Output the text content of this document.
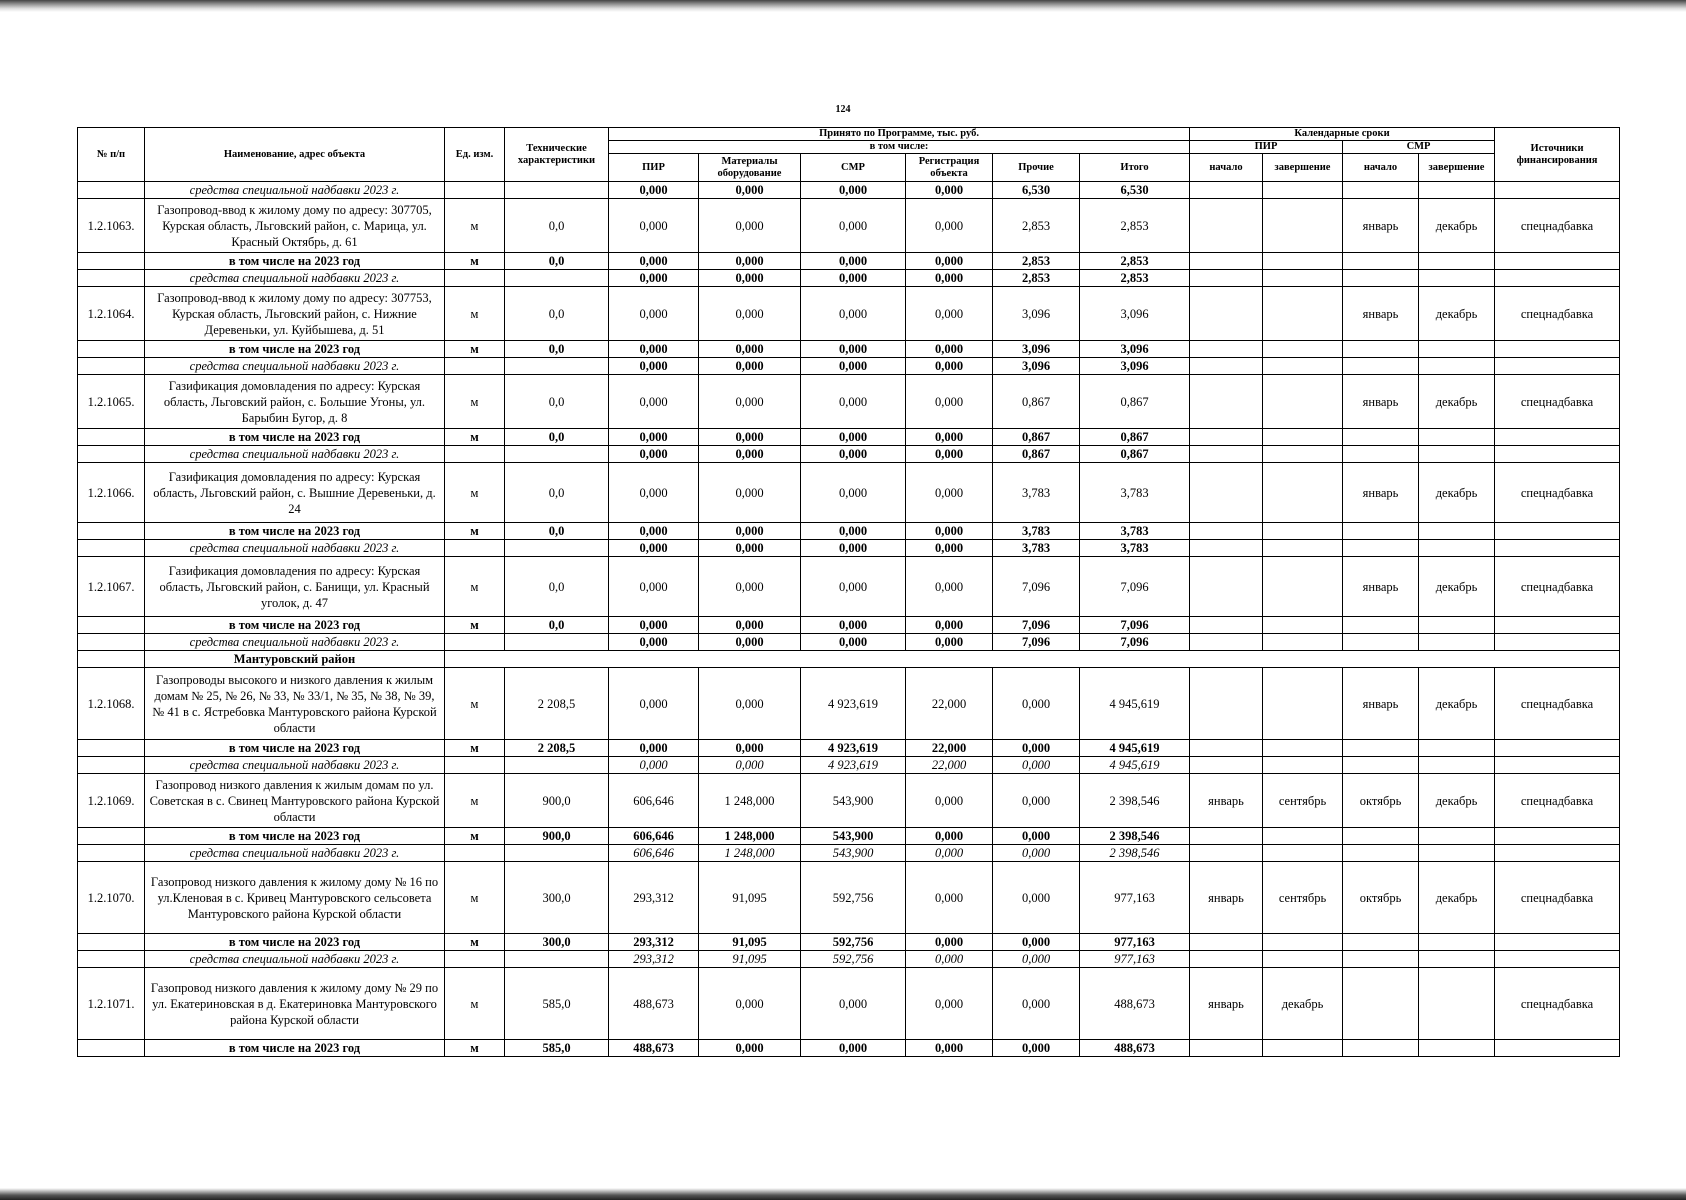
124
№ п/п	Наименование, адрес объекта	Ед. изм.	Технические характеристики	Принято по Программе, тыс. руб.						Календарные сроки				Источники финансирования
				в том числе:						ПИР		СМР		
				ПИР	Материалы оборудование	СМР	Регистрация объекта	Прочие	Итого	начало	завершение	начало	завершение	
	средства специальной надбавки 2023 г.			0,000	0,000	0,000	0,000	6,530	6,530					
1.2.1063.	Газопровод-ввод к жилому дому по адресу: 307705, Курская область, Льговский район, с. Марица, ул. Красный Октябрь, д. 61	м	0,0	0,000	0,000	0,000	0,000	2,853	2,853			январь	декабрь	спецнадбавка
	в том числе на 2023 год	м	0,0	0,000	0,000	0,000	0,000	2,853	2,853					
	средства специальной надбавки 2023 г.			0,000	0,000	0,000	0,000	2,853	2,853					
1.2.1064.	Газопровод-ввод к жилому дому по адресу: 307753, Курская область, Льговский район, с. Нижние Деревеньки, ул. Куйбышева, д. 51	м	0,0	0,000	0,000	0,000	0,000	3,096	3,096			январь	декабрь	спецнадбавка
	в том числе на 2023 год	м	0,0	0,000	0,000	0,000	0,000	3,096	3,096					
	средства специальной надбавки 2023 г.			0,000	0,000	0,000	0,000	3,096	3,096					
1.2.1065.	Газификация домовладения по адресу: Курская область, Льговский район, с. Большие Угоны, ул. Барыбин Бугор, д. 8	м	0,0	0,000	0,000	0,000	0,000	0,867	0,867			январь	декабрь	спецнадбавка
	в том числе на 2023 год	м	0,0	0,000	0,000	0,000	0,000	0,867	0,867					
	средства специальной надбавки 2023 г.			0,000	0,000	0,000	0,000	0,867	0,867					
1.2.1066.	Газификация домовладения по адресу: Курская область, Льговский район, с. Вышние Деревеньки, д. 24	м	0,0	0,000	0,000	0,000	0,000	3,783	3,783			январь	декабрь	спецнадбавка
	в том числе на 2023 год	м	0,0	0,000	0,000	0,000	0,000	3,783	3,783					
	средства специальной надбавки 2023 г.			0,000	0,000	0,000	0,000	3,783	3,783					
1.2.1067.	Газификация домовладения по адресу: Курская область, Льговский район, с. Банищи, ул. Красный уголок, д. 47	м	0,0	0,000	0,000	0,000	0,000	7,096	7,096			январь	декабрь	спецнадбавка
	в том числе на 2023 год	м	0,0	0,000	0,000	0,000	0,000	7,096	7,096					
	средства специальной надбавки 2023 г.			0,000	0,000	0,000	0,000	7,096	7,096					
	Мантуровский район													
1.2.1068.	Газопроводы высокого и низкого давления к жилым домам № 25, № 26, № 33, № 33/1, № 35, № 38, № 39, № 41 в с. Ястребовка Мантуровского района Курской области	м	2 208,5	0,000	0,000	4 923,619	22,000	0,000	4 945,619			январь	декабрь	спецнадбавка
	в том числе на 2023 год	м	2 208,5	0,000	0,000	4 923,619	22,000	0,000	4 945,619					
	средства специальной надбавки 2023 г.			0,000	0,000	4 923,619	22,000	0,000	4 945,619					
1.2.1069.	Газопровод низкого давления к жилым домам по ул. Советская в с. Свинец Мантуровского района Курской области	м	900,0	606,646	1 248,000	543,900	0,000	0,000	2 398,546	январь	сентябрь	октябрь	декабрь	спецнадбавка
	в том числе на 2023 год	м	900,0	606,646	1 248,000	543,900	0,000	0,000	2 398,546					
	средства специальной надбавки 2023 г.			606,646	1 248,000	543,900	0,000	0,000	2 398,546					
1.2.1070.	Газопровод низкого давления к жилому дому № 16 по ул.Кленовая в с. Кривец Мантуровского сельсовета Мантуровского района Курской области	м	300,0	293,312	91,095	592,756	0,000	0,000	977,163	январь	сентябрь	октябрь	декабрь	спецнадбавка
	в том числе на 2023 год	м	300,0	293,312	91,095	592,756	0,000	0,000	977,163					
	средства специальной надбавки 2023 г.			293,312	91,095	592,756	0,000	0,000	977,163					
1.2.1071.	Газопровод низкого давления к жилому дому № 29 по ул. Екатериновская в д. Екатериновка Мантуровского района Курской области	м	585,0	488,673	0,000	0,000	0,000	0,000	488,673	январь	декабрь			спецнадбавка
	в том числе на 2023 год	м	585,0	488,673	0,000	0,000	0,000	0,000	488,673					
